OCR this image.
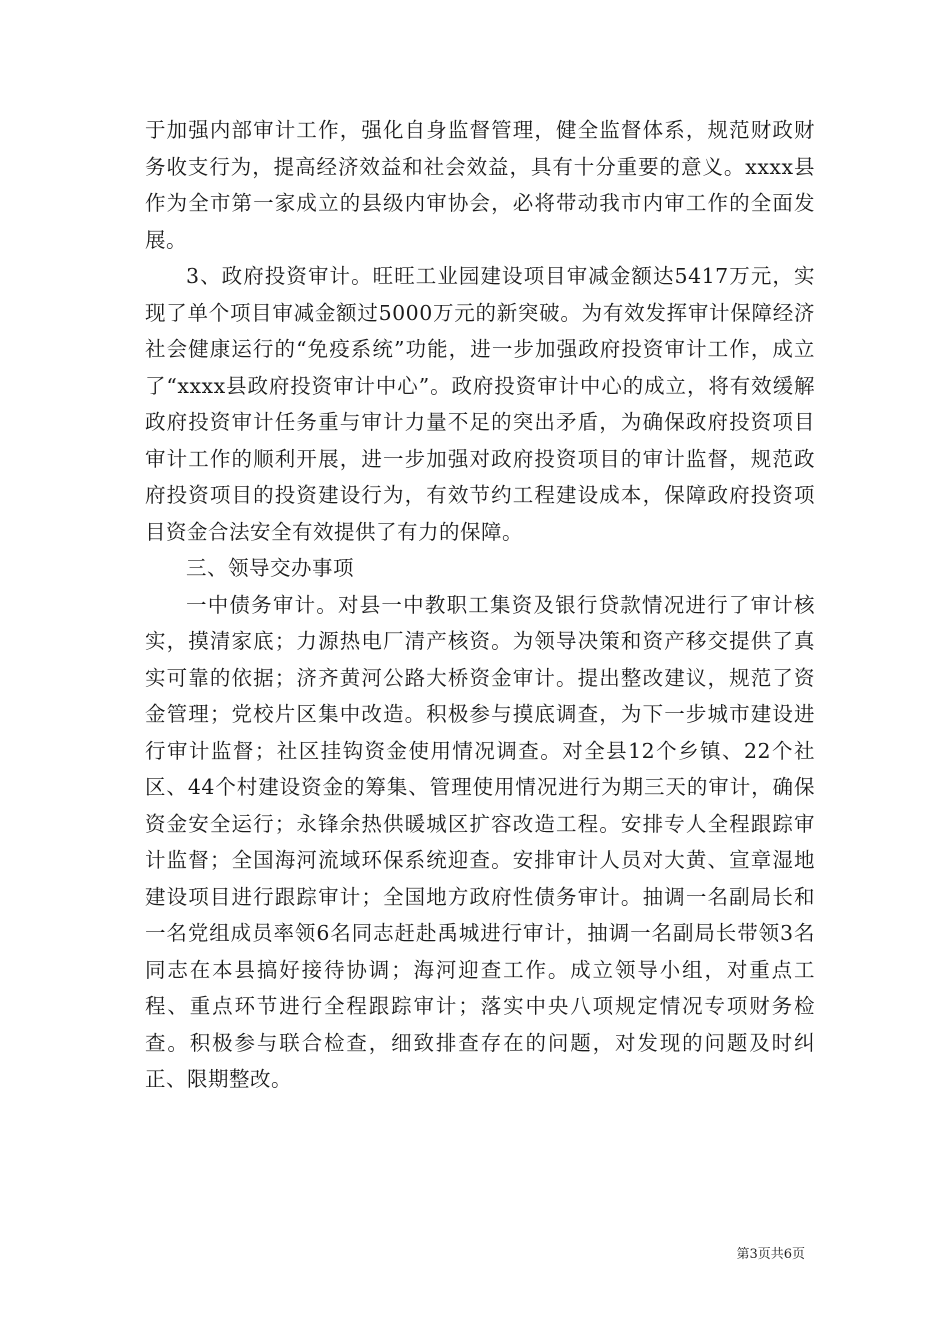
于加强内部审计工作，强化自身监督管理，健全监督体系，规范财政财务收支行为，提高经济效益和社会效益，具有十分重要的意义。xxxx县作为全市第一家成立的县级内审协会，必将带动我市内审工作的全面发展。

3、政府投资审计。旺旺工业园建设项目审减金额达5417万元，实现了单个项目审减金额过5000万元的新突破。为有效发挥审计保障经济社会健康运行的“免疫系统”功能，进一步加强政府投资审计工作，成立了“xxxx县政府投资审计中心”。政府投资审计中心的成立，将有效缓解政府投资审计任务重与审计力量不足的突出矛盾，为确保政府投资项目审计工作的顺利开展，进一步加强对政府投资项目的审计监督，规范政府投资项目的投资建设行为，有效节约工程建设成本，保障政府投资项目资金合法安全有效提供了有力的保障。

三、领导交办事项

一中债务审计。对县一中教职工集资及银行贷款情况进行了审计核实，摸清家底；力源热电厂清产核资。为领导决策和资产移交提供了真实可靠的依据；济齐黄河公路大桥资金审计。提出整改建议，规范了资金管理；党校片区集中改造。积极参与摸底调查，为下一步城市建设进行审计监督；社区挂钩资金使用情况调查。对全县12个乡镇、22个社区、44个村建设资金的筹集、管理使用情况进行为期三天的审计，确保资金安全运行；永锋余热供暖城区扩容改造工程。安排专人全程跟踪审计监督；全国海河流域环保系统迎查。安排审计人员对大黄、宣章湿地建设项目进行跟踪审计；全国地方政府性债务审计。抽调一名副局长和一名党组成员率领6名同志赶赴禹城进行审计，抽调一名副局长带领3名同志在本县搞好接待协调；海河迎查工作。成立领导小组，对重点工程、重点环节进行全程跟踪审计；落实中央八项规定情况专项财务检查。积极参与联合检查，细致排查存在的问题，对发现的问题及时纠正、限期整改。

第3页共6页
